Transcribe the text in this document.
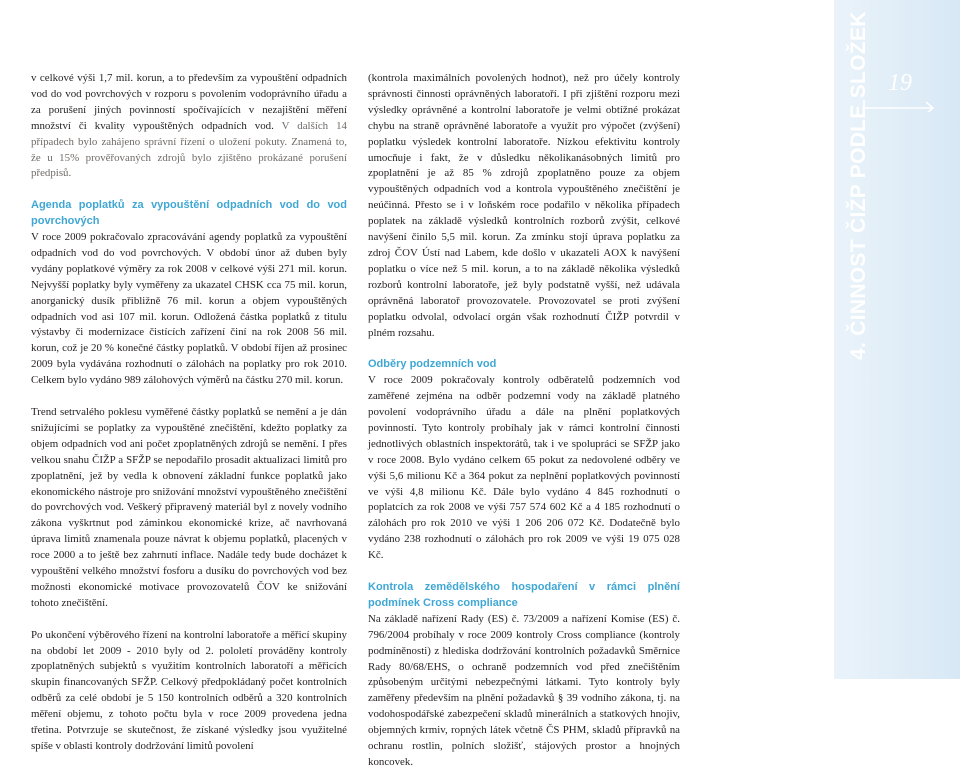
19
4. ČINNOST ČIŽP PODLE SLOŽEK

v celkové výši 1,7 mil. korun, a to především za vypouštění odpadních vod do vod povrchových v rozporu s povolením vodoprávního úřadu a za porušení jiných povinností spočívajících v nezajištění měření množství či kvality vypouštěných odpadních vod. V dalších 14 případech bylo zahájeno správní řízení o uložení pokuty. Znamená to, že u 15% prověřovaných zdrojů bylo zjištěno prokázané porušení předpisů.

Agenda poplatků za vypouštění odpadních vod do vod povrchových

V roce 2009 pokračovalo zpracovávání agendy poplatků za vypouštění odpadních vod do vod povrchových. V období únor až duben byly vydány poplatkové výměry za rok 2008 v celkové výši 271 mil. korun. Nejvyšší poplatky byly vyměřeny za ukazatel CHSK cca 75 mil. korun, anorganický dusík přibližně 76 mil. korun a objem vypouštěných odpadních vod asi 107 mil. korun. Odložená částka poplatků z titulu výstavby či modernizace čistících zařízení činí na rok 2008 56 mil. korun, což je 20 % konečné částky poplatků. V období říjen až prosinec 2009 byla vydávána rozhodnutí o zálohách na poplatky pro rok 2010. Celkem bylo vydáno 989 zálohových výměrů na částku 270 mil. korun.

Trend setrvalého poklesu vyměřené částky poplatků se nemění a je dán snižujícími se poplatky za vypouštěné znečištění, kdežto poplatky za objem odpadních vod ani počet zpoplatněných zdrojů se nemění. I přes velkou snahu ČIŽP a SFŽP se nepodařilo prosadit aktualizaci limitů pro zpoplatnění, jež by vedla k obnovení základní funkce poplatků jako ekonomického nástroje pro snižování množství vypouštěného znečištění do povrchových vod. Veškerý připravený materiál byl z novely vodního zákona vyškrtnut pod záminkou ekonomické krize, ač navrhovaná úprava limitů znamenala pouze návrat k objemu poplatků, placených v roce 2000 a to ještě bez zahrnutí inflace. Nadále tedy bude docházet k vypouštění velkého množství fosforu a dusíku do povrchových vod bez možnosti ekonomické motivace provozovatelů ČOV ke snižování tohoto znečištění.

Po ukončení výběrového řízení na kontrolní laboratoře a měřicí skupiny na období let 2009 - 2010 byly od 2. pololetí prováděny kontroly zpoplatněných subjektů s využitím kontrolních laboratoří a měřicích skupin financovaných SFŽP. Celkový předpokládaný počet kontrolních odběrů za celé období je 5 150 kontrolních odběrů a 320 kontrolních měření objemu, z tohoto počtu byla v roce 2009 provedena jedna třetina. Potvrzuje se skutečnost, že získané výsledky jsou využitelné spíše v oblasti kontroly dodržování limitů povolení

(kontrola maximálních povolených hodnot), než pro účely kontroly správnosti činnosti oprávněných laboratoří. I při zjištění rozporu mezi výsledky oprávněné a kontrolní laboratoře je velmi obtížné prokázat chybu na straně oprávněné laboratoře a využít pro výpočet (zvýšení) poplatku výsledek kontrolní laboratoře. Nízkou efektivitu kontroly umocňuje i fakt, že v důsledku několikanásobných limitů pro zpoplatnění je až 85 % zdrojů zpoplatněno pouze za objem vypouštěných odpadních vod a kontrola vypouštěného znečištění je neúčinná. Přesto se i v loňském roce podařilo v několika případech poplatek na základě výsledků kontrolních rozborů zvýšit, celkové navýšení činilo 5,5 mil. korun. Za zmínku stojí úprava poplatku za zdroj ČOV Ústí nad Labem, kde došlo v ukazateli AOX k navýšení poplatku o více než 5 mil. korun, a to na základě několika výsledků rozborů kontrolní laboratoře, jež byly podstatně vyšší, než udávala oprávněná laboratoř provozovatele. Provozovatel se proti zvýšení poplatku odvolal, odvolací orgán však rozhodnutí ČIŽP potvrdil v plném rozsahu.

Odběry podzemních vod

V roce 2009 pokračovaly kontroly odběratelů podzemních vod zaměřené zejména na odběr podzemní vody na základě platného povolení vodoprávního úřadu a dále na plnění poplatkových povinností. Tyto kontroly probíhaly jak v rámci kontrolní činnosti jednotlivých oblastních inspektorátů, tak i ve spolupráci se SFŽP jako v roce 2008. Bylo vydáno celkem 65 pokut za nedovolené odběry ve výši 5,6 milionu Kč a 364 pokut za neplnění poplatkových povinností ve výši 4,8 milionu Kč. Dále bylo vydáno 4 845 rozhodnutí o poplatcích za rok 2008 ve výši 757 574 602 Kč a 4 185 rozhodnutí o zálohách pro rok 2010 ve výši 1 206 206 072 Kč. Dodatečně bylo vydáno 238 rozhodnutí o zálohách pro rok 2009 ve výši 19 075 028 Kč.

Kontrola zemědělského hospodaření v rámci plnění podmínek Cross compliance

Na základě nařízení Rady (ES) č. 73/2009 a nařízení Komise (ES) č. 796/2004 probíhaly v roce 2009 kontroly Cross compliance (kontroly podmíněnosti) z hlediska dodržování kontrolních požadavků Směrnice Rady 80/68/EHS, o ochraně podzemních vod před znečištěním způsobeným určitými nebezpečnými látkami. Tyto kontroly byly zaměřeny především na plnění požadavků § 39 vodního zákona, tj. na vodohospodářské zabezpečení skladů minerálních a statkových hnojiv, objemných krmiv, ropných látek včetně ČS PHM, skladů přípravků na ochranu rostlin, polních složišť, stájových prostor a hnojných koncovek.
